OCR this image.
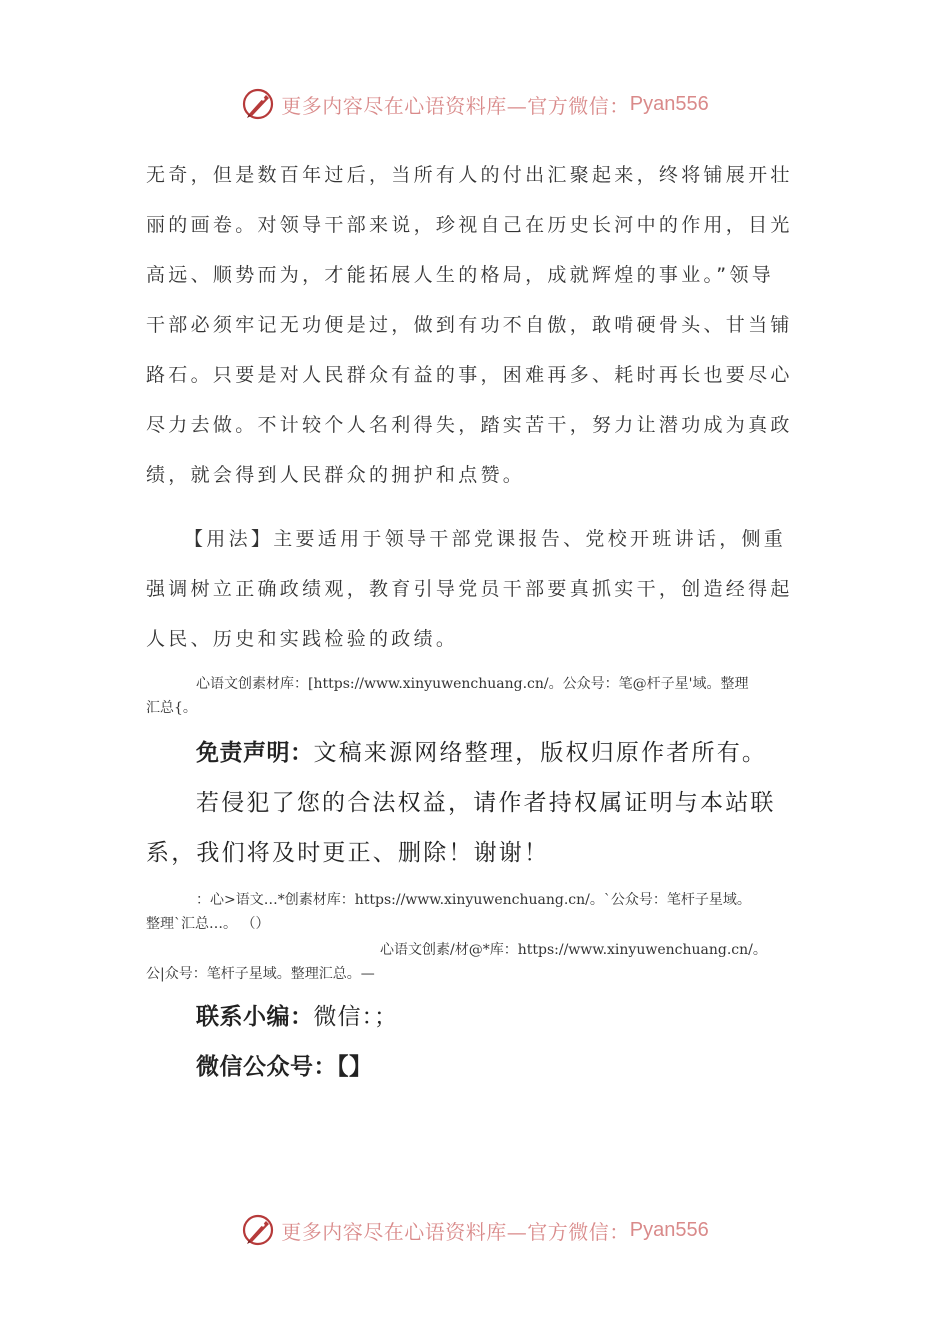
更多内容尽在心语资料库—官方微信： Pyan556
无奇，但是数百年过后，当所有人的付出汇聚起来，终将铺展开壮
丽的画卷。对领导干部来说，珍视自己在历史长河中的作用，目光
高远、顺势而为，才能拓展人生的格局，成就辉煌的事业。”领导
干部必须牢记无功便是过，做到有功不自傲，敢啃硬骨头、甘当铺
路石。只要是对人民群众有益的事，困难再多、耗时再长也要尽心
尽力去做。不计较个人名利得失，踏实苦干，努力让潜功成为真政
绩，就会得到人民群众的拥护和点赞。
【用法】主要适用于领导干部党课报告、党校开班讲话，侧重
强调树立正确政绩观，教育引导党员干部要真抓实干，创造经得起
人民、历史和实践检验的政绩。
心语文创素材库：[https://www.xinyuwenchuang.cn/。公众号：笔@杆子星'域。整理
汇总{。
免责声明：文稿来源网络整理，版权归原作者所有。
若侵犯了您的合法权益，请作者持权属证明与本站联
系，我们将及时更正、删除！谢谢！
：心>语文…*创素材库：https://www.xinyuwenchuang.cn/。`公众号：笔杆子星域。
整理`汇总…。 （）
心语文创素/材@*库：https://www.xinyuwenchuang.cn/。
公|众号：笔杆子星域。整理汇总。—
联系小编：微信：；
微信公众号：【】
更多内容尽在心语资料库—官方微信： Pyan556
